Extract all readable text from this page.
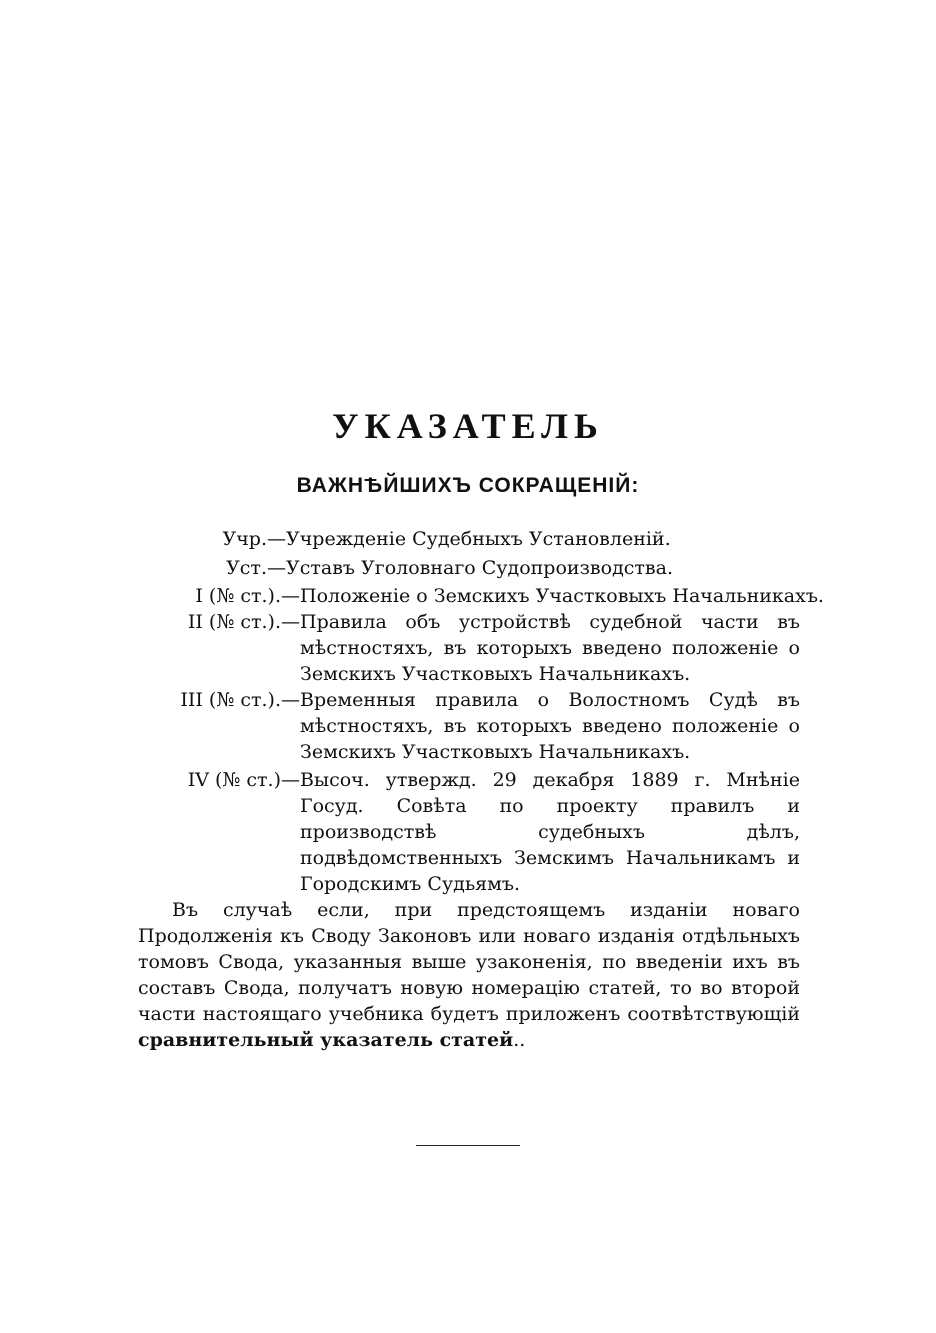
УКАЗАТЕЛЬ
ВАЖНѢЙШИХЪ СОКРАЩЕНІЙ:
Учр.— Учрежденіе Судебныхъ Установленій.
Уст.— Уставъ Уголовнаго Судопроизводства.
I (№ ст.).— Положеніе о Земскихъ Участковыхъ Начальникахъ.
II (№ ст.).— Правила объ устройствѣ судебной части въ мѣстностяхъ, въ которыхъ введено положеніе о Земскихъ Участковыхъ Начальникахъ.
III (№ ст.).— Временныя правила о Волостномъ Судѣ въ мѣстностяхъ, въ которыхъ введено положеніе о Земскихъ Участковыхъ Начальникахъ.
IV (№ ст.)— Высоч. утвержд. 29 декабря 1889 г. Мнѣніе Госуд. Совѣта по проекту правилъ и производствѣ судебныхъ дѣлъ, подвѣдомственныхъ Земскимъ Начальникамъ и Городскимъ Судьямъ.

Въ случаѣ если, при предстоящемъ изданіи новаго Продолженія къ Своду Законовъ или новаго изданія отдѣльныхъ томовъ Свода, указанныя выше узаконенія, по введеніи ихъ въ составъ Свода, получатъ новую номерацію статей, то во второй части настоящаго учебника будетъ приложенъ соотвѣтствующій сравнительный указатель статей..
